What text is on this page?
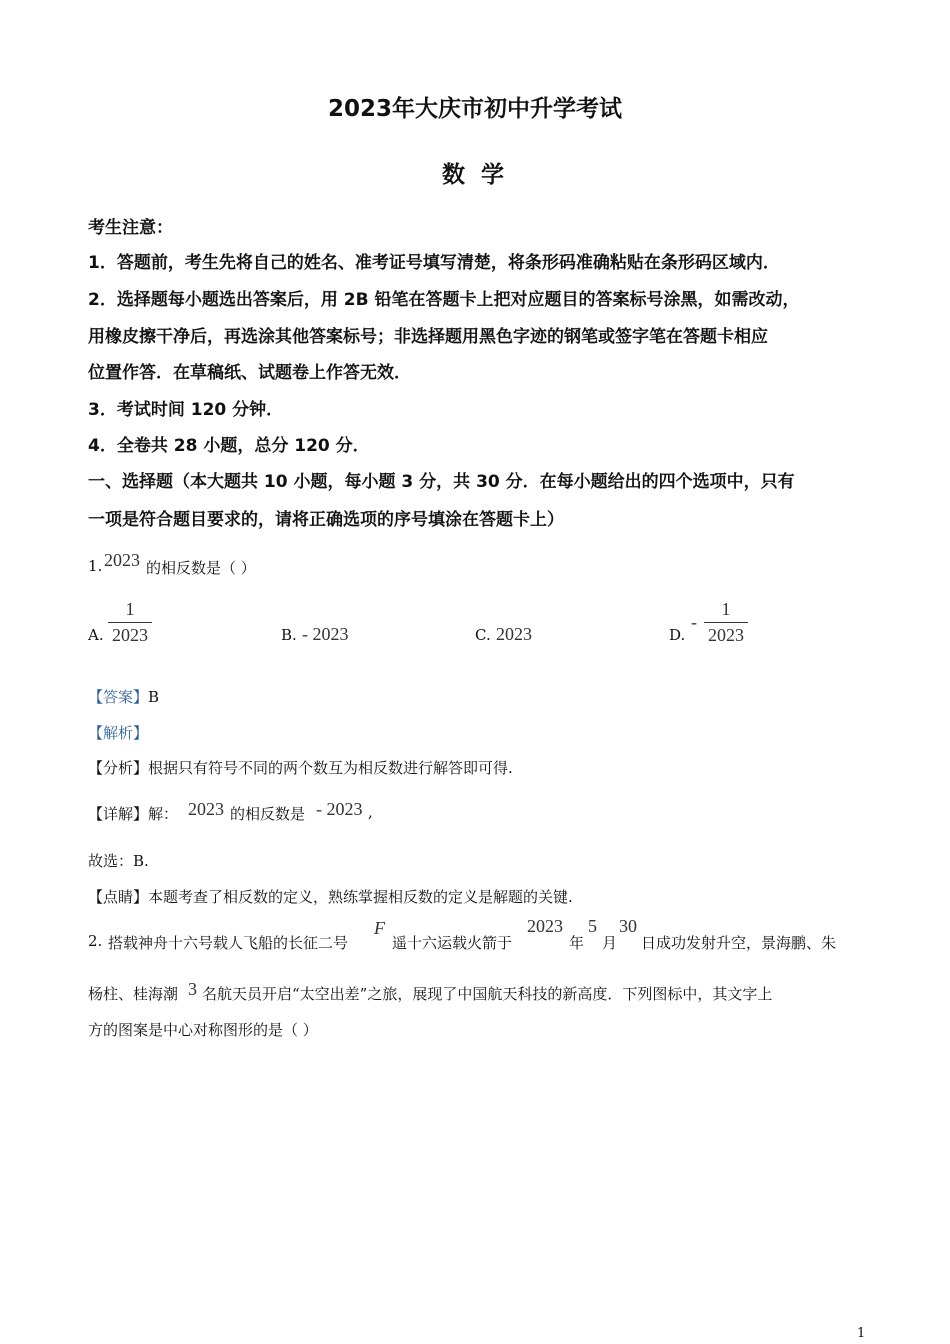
2023年大庆市初中升学考试
数 学
考生注意：
1．答题前，考生先将自己的姓名、准考证号填写清楚，将条形码准确粘贴在条形码区域内．
2．选择题每小题选出答案后，用 2B 铅笔在答题卡上把对应题目的答案标号涂黑，如需改动，
用橡皮擦干净后，再选涂其他答案标号；非选择题用黑色字迹的钢笔或签字笔在答题卡相应
位置作答．在草稿纸、试题卷上作答无效．
3．考试时间 120 分钟．
4．全卷共 28 小题，总分 120 分．
一、选择题（本大题共 10 小题，每小题 3 分，共 30 分．在每小题给出的四个选项中，只有
一项是符合题目要求的，请将正确选项的序号填涂在答题卡上）
1. 2023 的相反数是（ ）
A.
1
2023	B. - 2023	C. 2023	D.
-
1
2023
【答案】B
【解析】
【分析】根据只有符号不同的两个数互为相反数进行解答即可得.
【详解】解： 2023 的相反数是 - 2023 ,
故选：B.
【点睛】本题考查了相反数的定义，熟练掌握相反数的定义是解题的关键.
2. 搭载神舟十六号载人飞船的长征二号
F
遥十六运载火箭于
2023
年
5
月
30
日成功发射升空，景海鹏、朱
杨柱、桂海潮 3 名航天员开启“太空出差”之旅，展现了中国航天科技的新高度．下列图标中，其文字上
方的图案是中心对称图形的是（ ）
1
